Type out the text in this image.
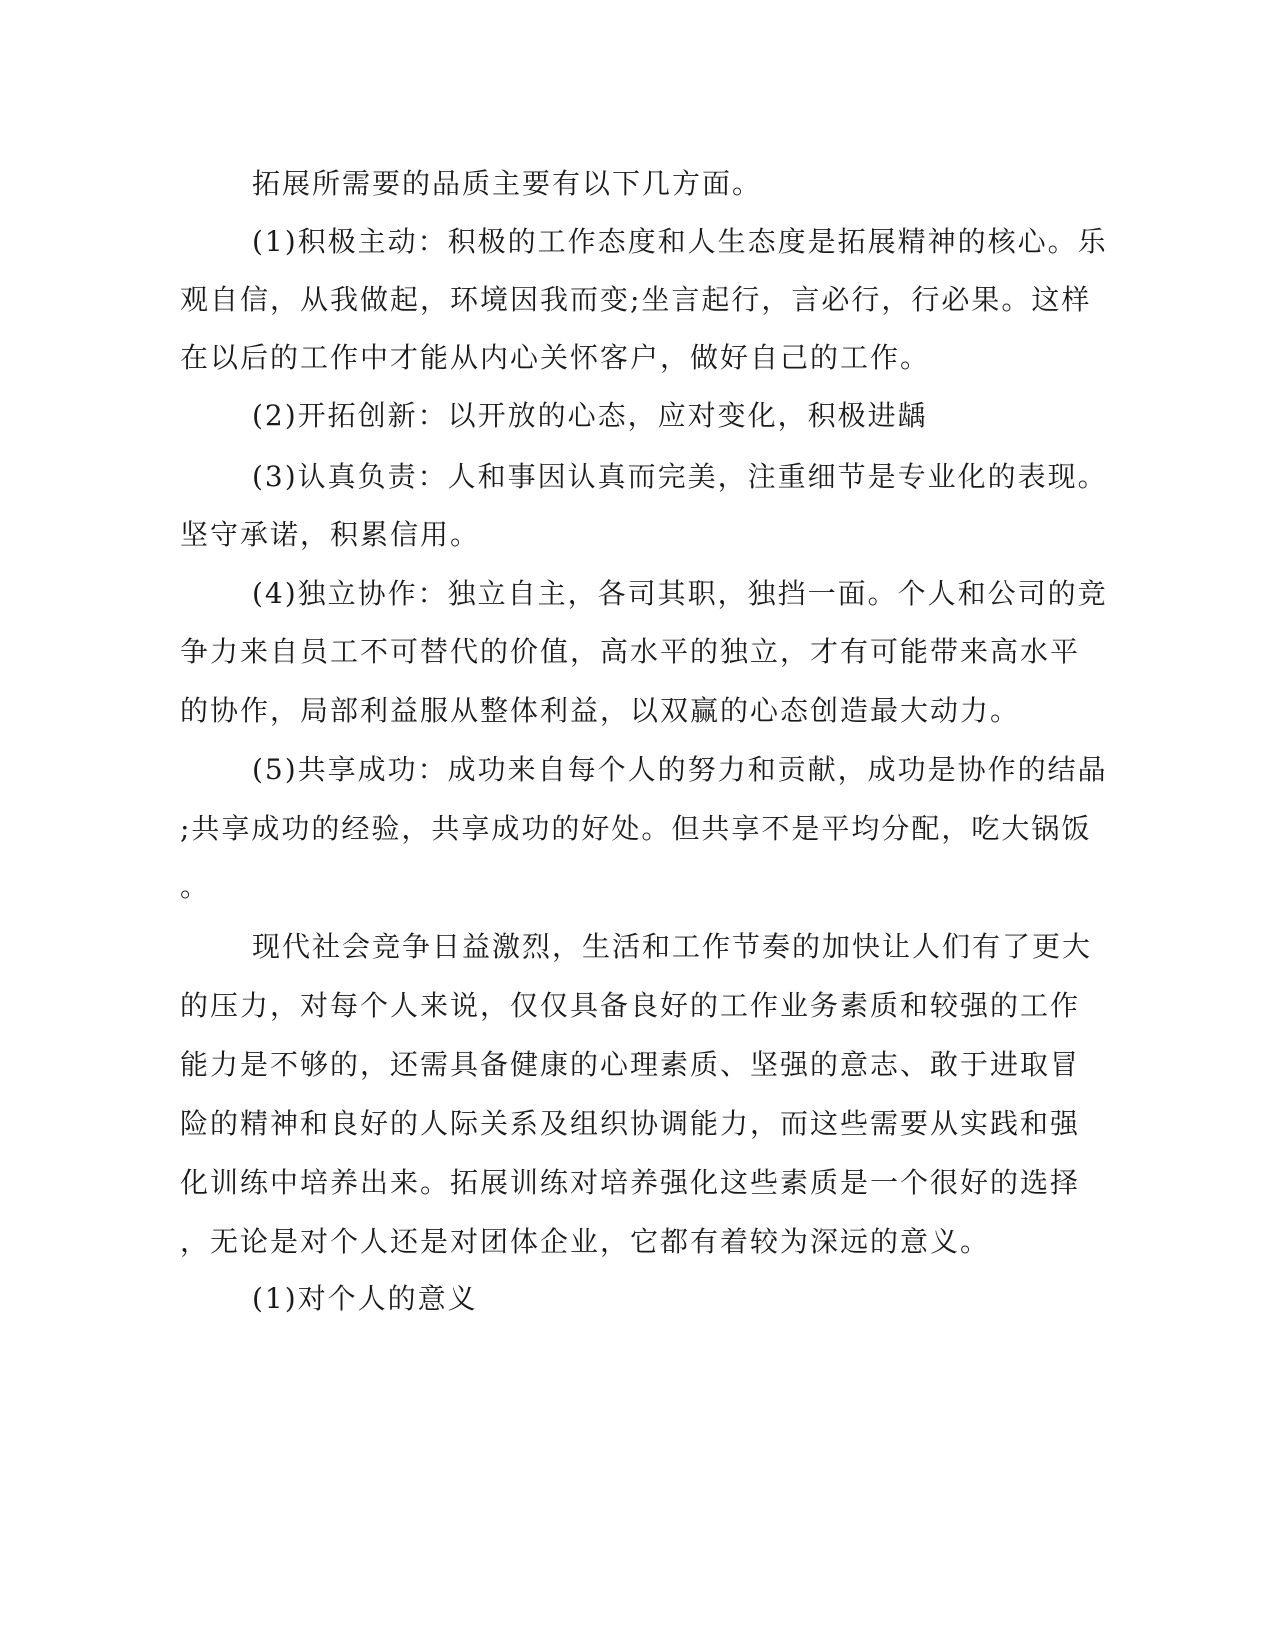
拓展所需要的品质主要有以下几方面。
(1)积极主动：积极的工作态度和人生态度是拓展精神的核心。乐
观自信，从我做起，环境因我而变;坐言起行，言必行，行必果。这样
在以后的工作中才能从内心关怀客户，做好自己的工作。
(2)开拓创新：以开放的心态，应对变化，积极进龋
(3)认真负责：人和事因认真而完美，注重细节是专业化的表现。
坚守承诺，积累信用。
(4)独立协作：独立自主，各司其职，独挡一面。个人和公司的竞
争力来自员工不可替代的价值，高水平的独立，才有可能带来高水平
的协作，局部利益服从整体利益，以双赢的心态创造最大动力。
(5)共享成功：成功来自每个人的努力和贡献，成功是协作的结晶
;共享成功的经验，共享成功的好处。但共享不是平均分配，吃大锅饭
。
现代社会竞争日益激烈，生活和工作节奏的加快让人们有了更大
的压力，对每个人来说，仅仅具备良好的工作业务素质和较强的工作
能力是不够的，还需具备健康的心理素质、坚强的意志、敢于进取冒
险的精神和良好的人际关系及组织协调能力，而这些需要从实践和强
化训练中培养出来。拓展训练对培养强化这些素质是一个很好的选择
，无论是对个人还是对团体企业，它都有着较为深远的意义。
(1)对个人的意义
